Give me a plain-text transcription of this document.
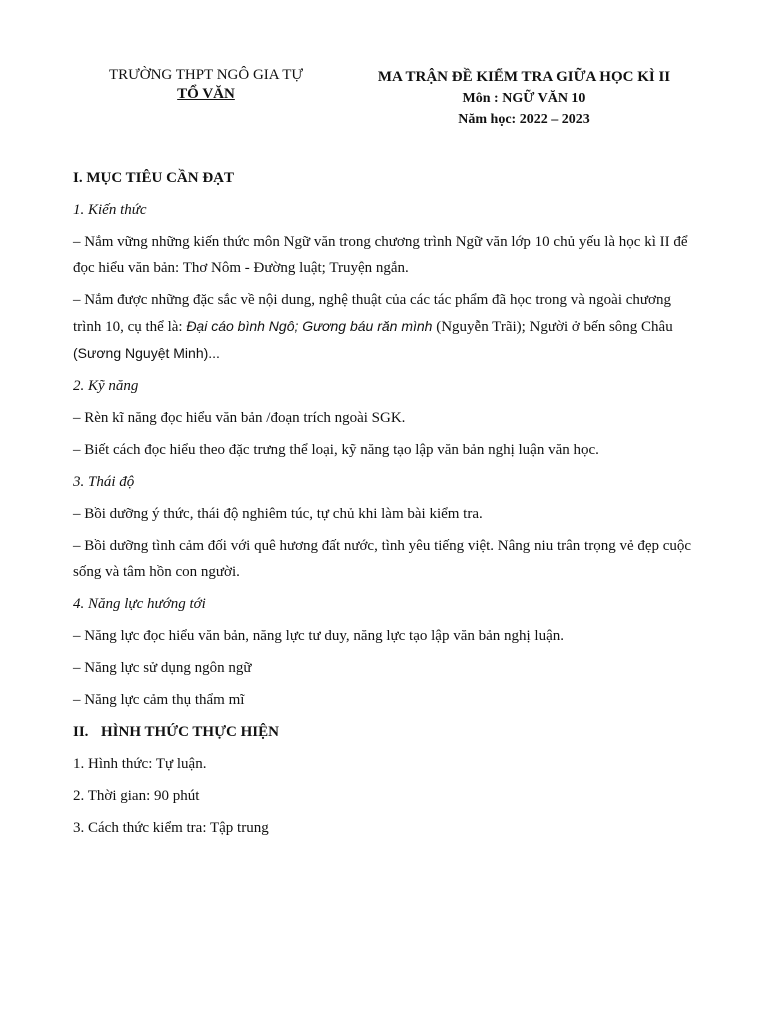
TRƯỜNG THPT NGÔ GIA TỰ
TỔ VĂN
MA TRẬN ĐỀ KIỂM TRA GIỮA HỌC KÌ II
Môn : NGỮ VĂN 10
Năm học: 2022 – 2023

I. MỤC TIÊU CẦN ĐẠT

1. Kiến thức

– Nắm vững những kiến thức môn Ngữ văn trong chương trình Ngữ văn lớp 10 chủ yếu là học kì II để đọc hiểu văn bản: Thơ Nôm - Đường luật; Truyện ngắn.

– Nắm được những đặc sắc về nội dung, nghệ thuật của các tác phẩm đã học trong và ngoài chương trình 10, cụ thể là: Đại cáo bình Ngô; Gương báu răn mình (Nguyễn Trãi); Người ở bến sông Châu
(Sương Nguyệt Minh)...

2. Kỹ năng

– Rèn kĩ năng đọc hiểu văn bản /đoạn trích ngoài SGK.

– Biết cách đọc hiểu theo đặc trưng thể loại, kỹ năng tạo lập văn bản nghị luận văn học.

3. Thái độ

– Bồi dưỡng ý thức, thái độ nghiêm túc, tự chủ khi làm bài kiểm tra.

– Bồi dưỡng tình cảm đối với quê hương đất nước, tình yêu tiếng việt. Nâng niu trân trọng vẻ đẹp cuộc sống và tâm hồn con người.

4. Năng lực hướng tới

– Năng lực đọc hiểu văn bản, năng lực tư duy, năng lực tạo lập văn bản nghị luận.

– Năng lực sử dụng ngôn ngữ

– Năng lực cảm thụ thẩm mĩ

II. HÌNH THỨC THỰC HIỆN

1. Hình thức: Tự luận.

2. Thời gian: 90 phút

3. Cách thức kiểm tra: Tập trung
